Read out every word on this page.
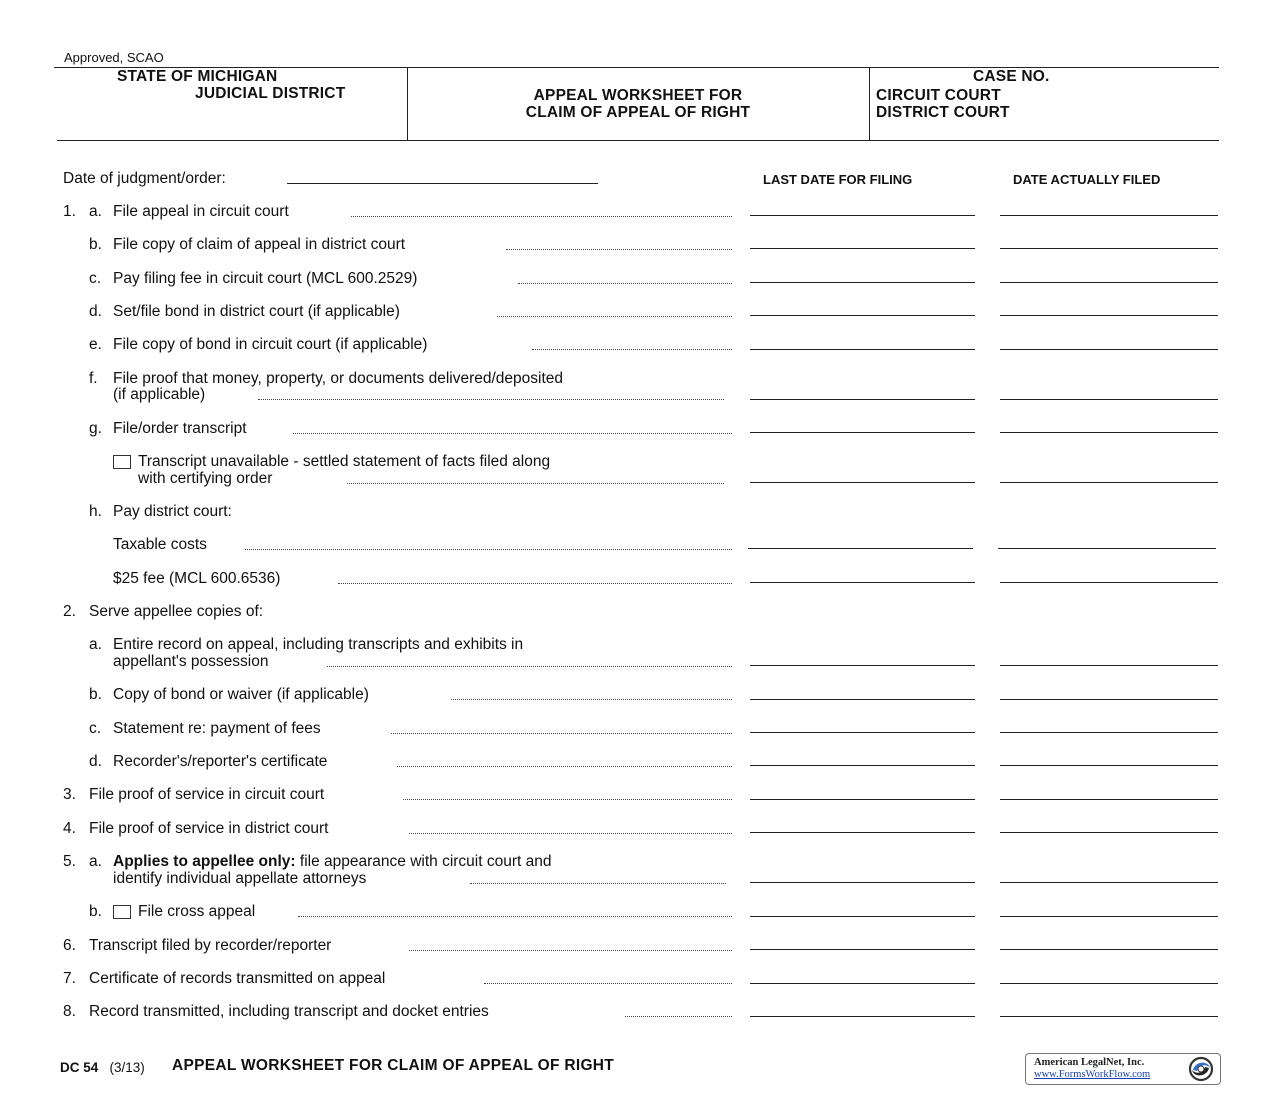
Approved, SCAO
STATE OF MICHIGAN
JUDICIAL DISTRICT	APPEAL WORKSHEET FOR
CLAIM OF APPEAL OF RIGHT
CASE NO.
CIRCUIT COURT
DISTRICT COURT
Date of judgment/order:	LAST DATE FOR FILING	DATE ACTUALLY FILED
1. a. File appeal in circuit court
b. File copy of claim of appeal in district court
c. Pay filing fee in circuit court (MCL 600.2529)
d. Set/file bond in district court (if applicable)
e. File copy of bond in circuit court (if applicable)
f. File proof that money, property, or documents delivered/deposited
(if applicable)
g. File/order transcript
Transcript unavailable - settled statement of facts filed along
with certifying order
h. Pay district court:
Taxable costs
$25 fee (MCL 600.6536)
2. Serve appellee copies of:
a. Entire record on appeal, including transcripts and exhibits in
appellant's possession
b. Copy of bond or waiver (if applicable)
c. Statement re: payment of fees
d. Recorder's/reporter's certificate
3. File proof of service in circuit court
4. File proof of service in district court
5. a. Applies to appellee only: file appearance with circuit court and
identify individual appellate attorneys
b. File cross appeal
6. Transcript filed by recorder/reporter
7. Certificate of records transmitted on appeal
8. Record transmitted, including transcript and docket entries
DC 54 (3/13) APPEAL WORKSHEET FOR CLAIM OF APPEAL OF RIGHT	American LegalNet, Inc.
www.FormsWorkFlow.com
